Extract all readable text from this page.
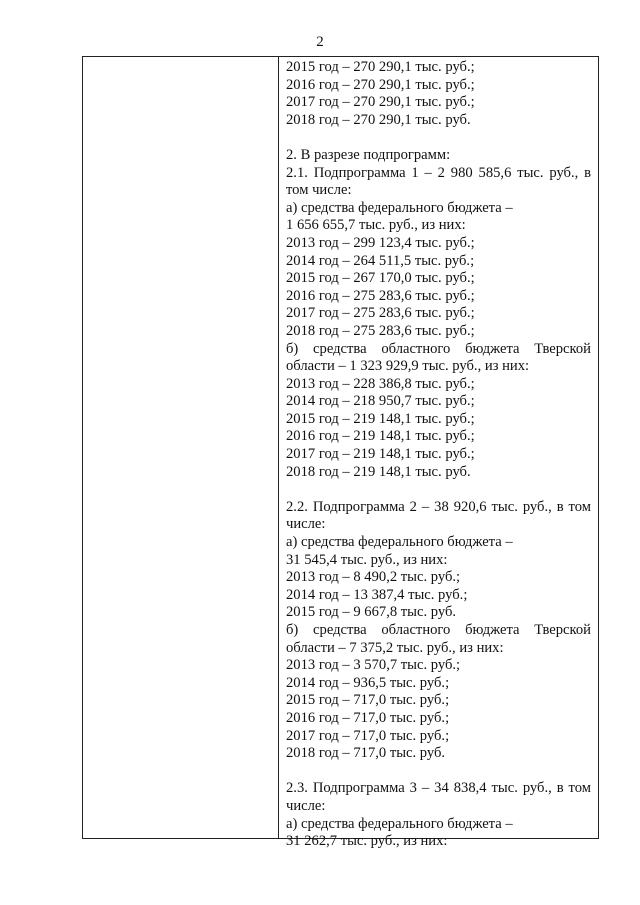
2
2015 год – 270 290,1 тыс. руб.;
2016 год – 270 290,1 тыс. руб.;
2017 год – 270 290,1 тыс. руб.;
2018 год – 270 290,1 тыс. руб.
2. В разрезе подпрограмм:
2.1. Подпрограмма 1 – 2 980 585,6 тыс. руб., в
том числе:
а) средства федерального бюджета –
1 656 655,7 тыс. руб., из них:
2013 год – 299 123,4 тыс. руб.;
2014 год – 264 511,5 тыс. руб.;
2015 год – 267 170,0 тыс. руб.;
2016 год – 275 283,6 тыс. руб.;
2017 год – 275 283,6 тыс. руб.;
2018 год – 275 283,6 тыс. руб.;
б) средства областного бюджета Тверской
области – 1 323 929,9 тыс. руб., из них:
2013 год – 228 386,8 тыс. руб.;
2014 год – 218 950,7 тыс. руб.;
2015 год – 219 148,1 тыс. руб.;
2016 год – 219 148,1 тыс. руб.;
2017 год – 219 148,1 тыс. руб.;
2018 год – 219 148,1 тыс. руб.
2.2. Подпрограмма 2 – 38 920,6 тыс. руб., в том
числе:
а) средства федерального бюджета –
31 545,4 тыс. руб., из них:
2013 год – 8 490,2 тыс. руб.;
2014 год – 13 387,4 тыс. руб.;
2015 год – 9 667,8 тыс. руб.
б) средства областного бюджета Тверской
области – 7 375,2 тыс. руб., из них:
2013 год – 3 570,7 тыс. руб.;
2014 год – 936,5 тыс. руб.;
2015 год – 717,0 тыс. руб.;
2016 год – 717,0 тыс. руб.;
2017 год – 717,0 тыс. руб.;
2018 год – 717,0 тыс. руб.
2.3. Подпрограмма 3 – 34 838,4 тыс. руб., в том
числе:
а) средства федерального бюджета –
31 262,7 тыс. руб., из них:
